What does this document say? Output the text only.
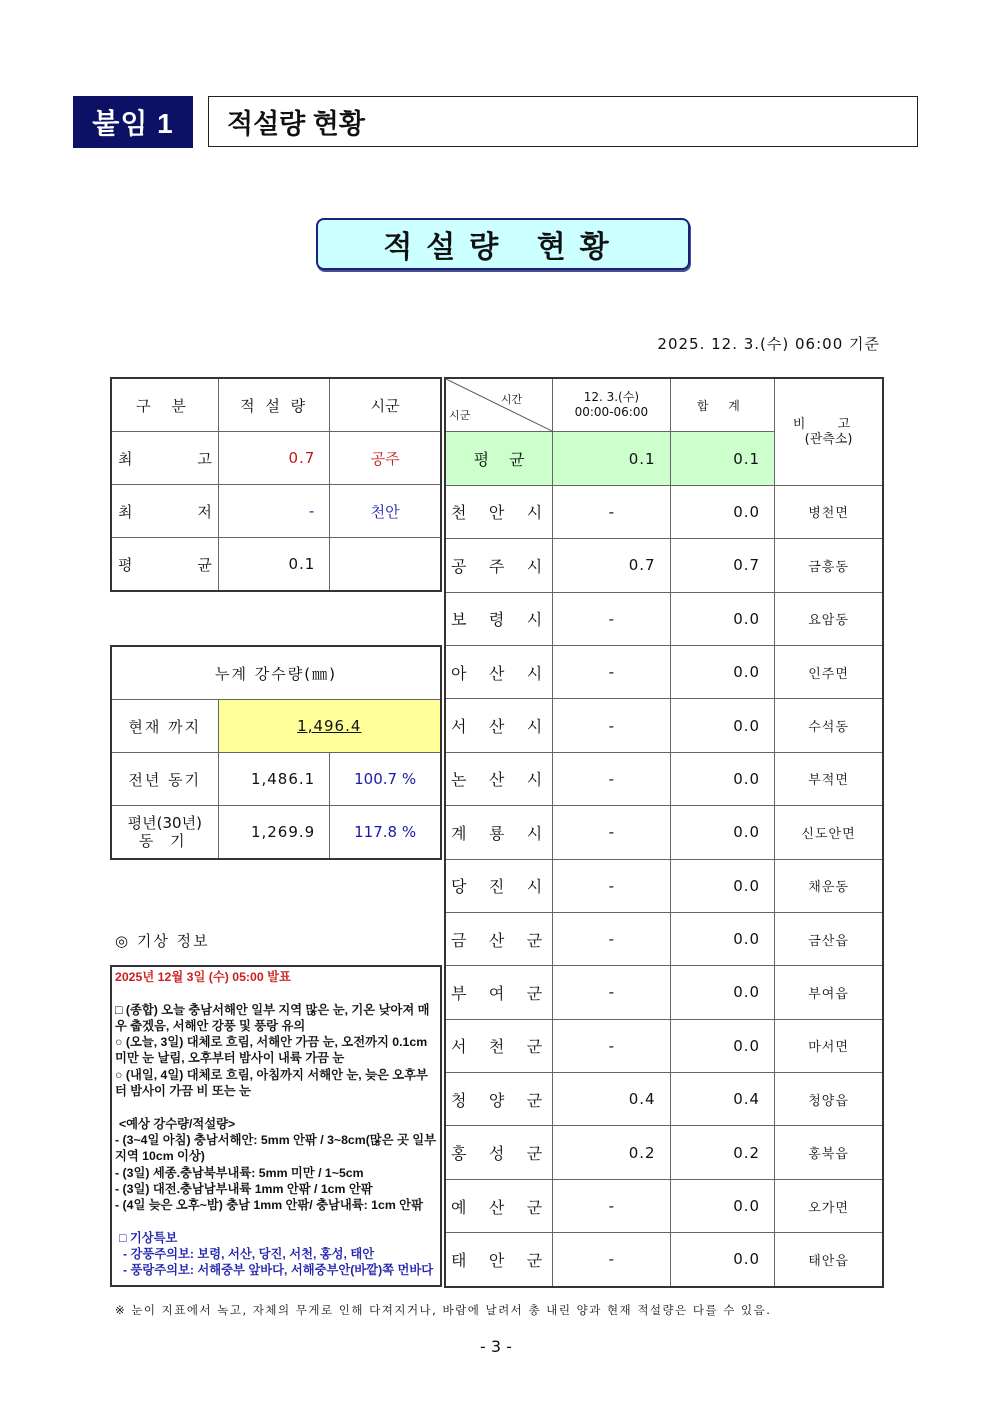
붙임 1	적설량 현황
적설량 현황
2025. 12. 3.(수) 06:00 기준
구 분	적 설 량	시군

최 고	0.7	공주

최 저	-	천안

평 균	0.1	
누계 강수량(㎜)		
현재 까지	1,496.4	
전년 동기	1,486.1	100.7 %

평년(30년)
동 기	1,269.9	117.8 %
시간
시군

12. 3.(수)
00:00-06:00	합 계	
비 고
(관측소)

평 균	0.1	0.1	

천 안 시	-	0.0	병천면

공 주 시	0.7	0.7	금흥동

보 령 시	-	0.0	요암동

아 산 시	-	0.0	인주면

서 산 시	-	0.0	수석동

논 산 시	-	0.0	부적면

계 룡 시	-	0.0	신도안면

당 진 시	-	0.0	채운동

금 산 군	-	0.0	금산읍

부 여 군	-	0.0	부여읍

서 천 군	-	0.0	마서면

청 양 군	0.4	0.4	청양읍

홍 성 군	0.2	0.2	홍북읍

예 산 군	-	0.0	오가면

태 안 군	-	0.0	태안읍
◎ 기상 정보

2025년 12월 3일 (수) 05:00 발표

□ (종합) 오늘 충남서해안 일부 지역 많은 눈, 기온 낮아져 매우 춥겠음, 서해안 강풍 및 풍랑 유의

○ (오늘, 3일) 대체로 흐림, 서해안 가끔 눈, 오전까지 0.1cm 미만 눈 날림, 오후부터 밤사이 내륙 가끔 눈

○ (내일, 4일) 대체로 흐림, 아침까지 서해안 눈, 늦은 오후부터 밤사이 가끔 비 또는 눈

<예상 강수량/적설량>

- (3~4일 아침) 충남서해안: 5mm 안팎 / 3~8cm(많은 곳 일부 지역 10cm 이상)

- (3일) 세종.충남북부내륙: 5mm 미만 / 1~5cm

- (3일) 대전.충남남부내륙 1mm 안팎 / 1cm 안팎

- (4일 늦은 오후~밤) 충남 1mm 안팎/ 충남내륙: 1cm 안팎

□ 기상특보

- 강풍주의보: 보령, 서산, 당진, 서천, 홍성, 태안

- 풍랑주의보: 서해중부 앞바다, 서해중부안(바깥)쪽 먼바다

※ 눈이 지표에서 녹고, 자체의 무게로 인해 다져지거나, 바람에 날려서 총 내린 양과 현재 적설량은 다를 수 있음.
- 3 -
